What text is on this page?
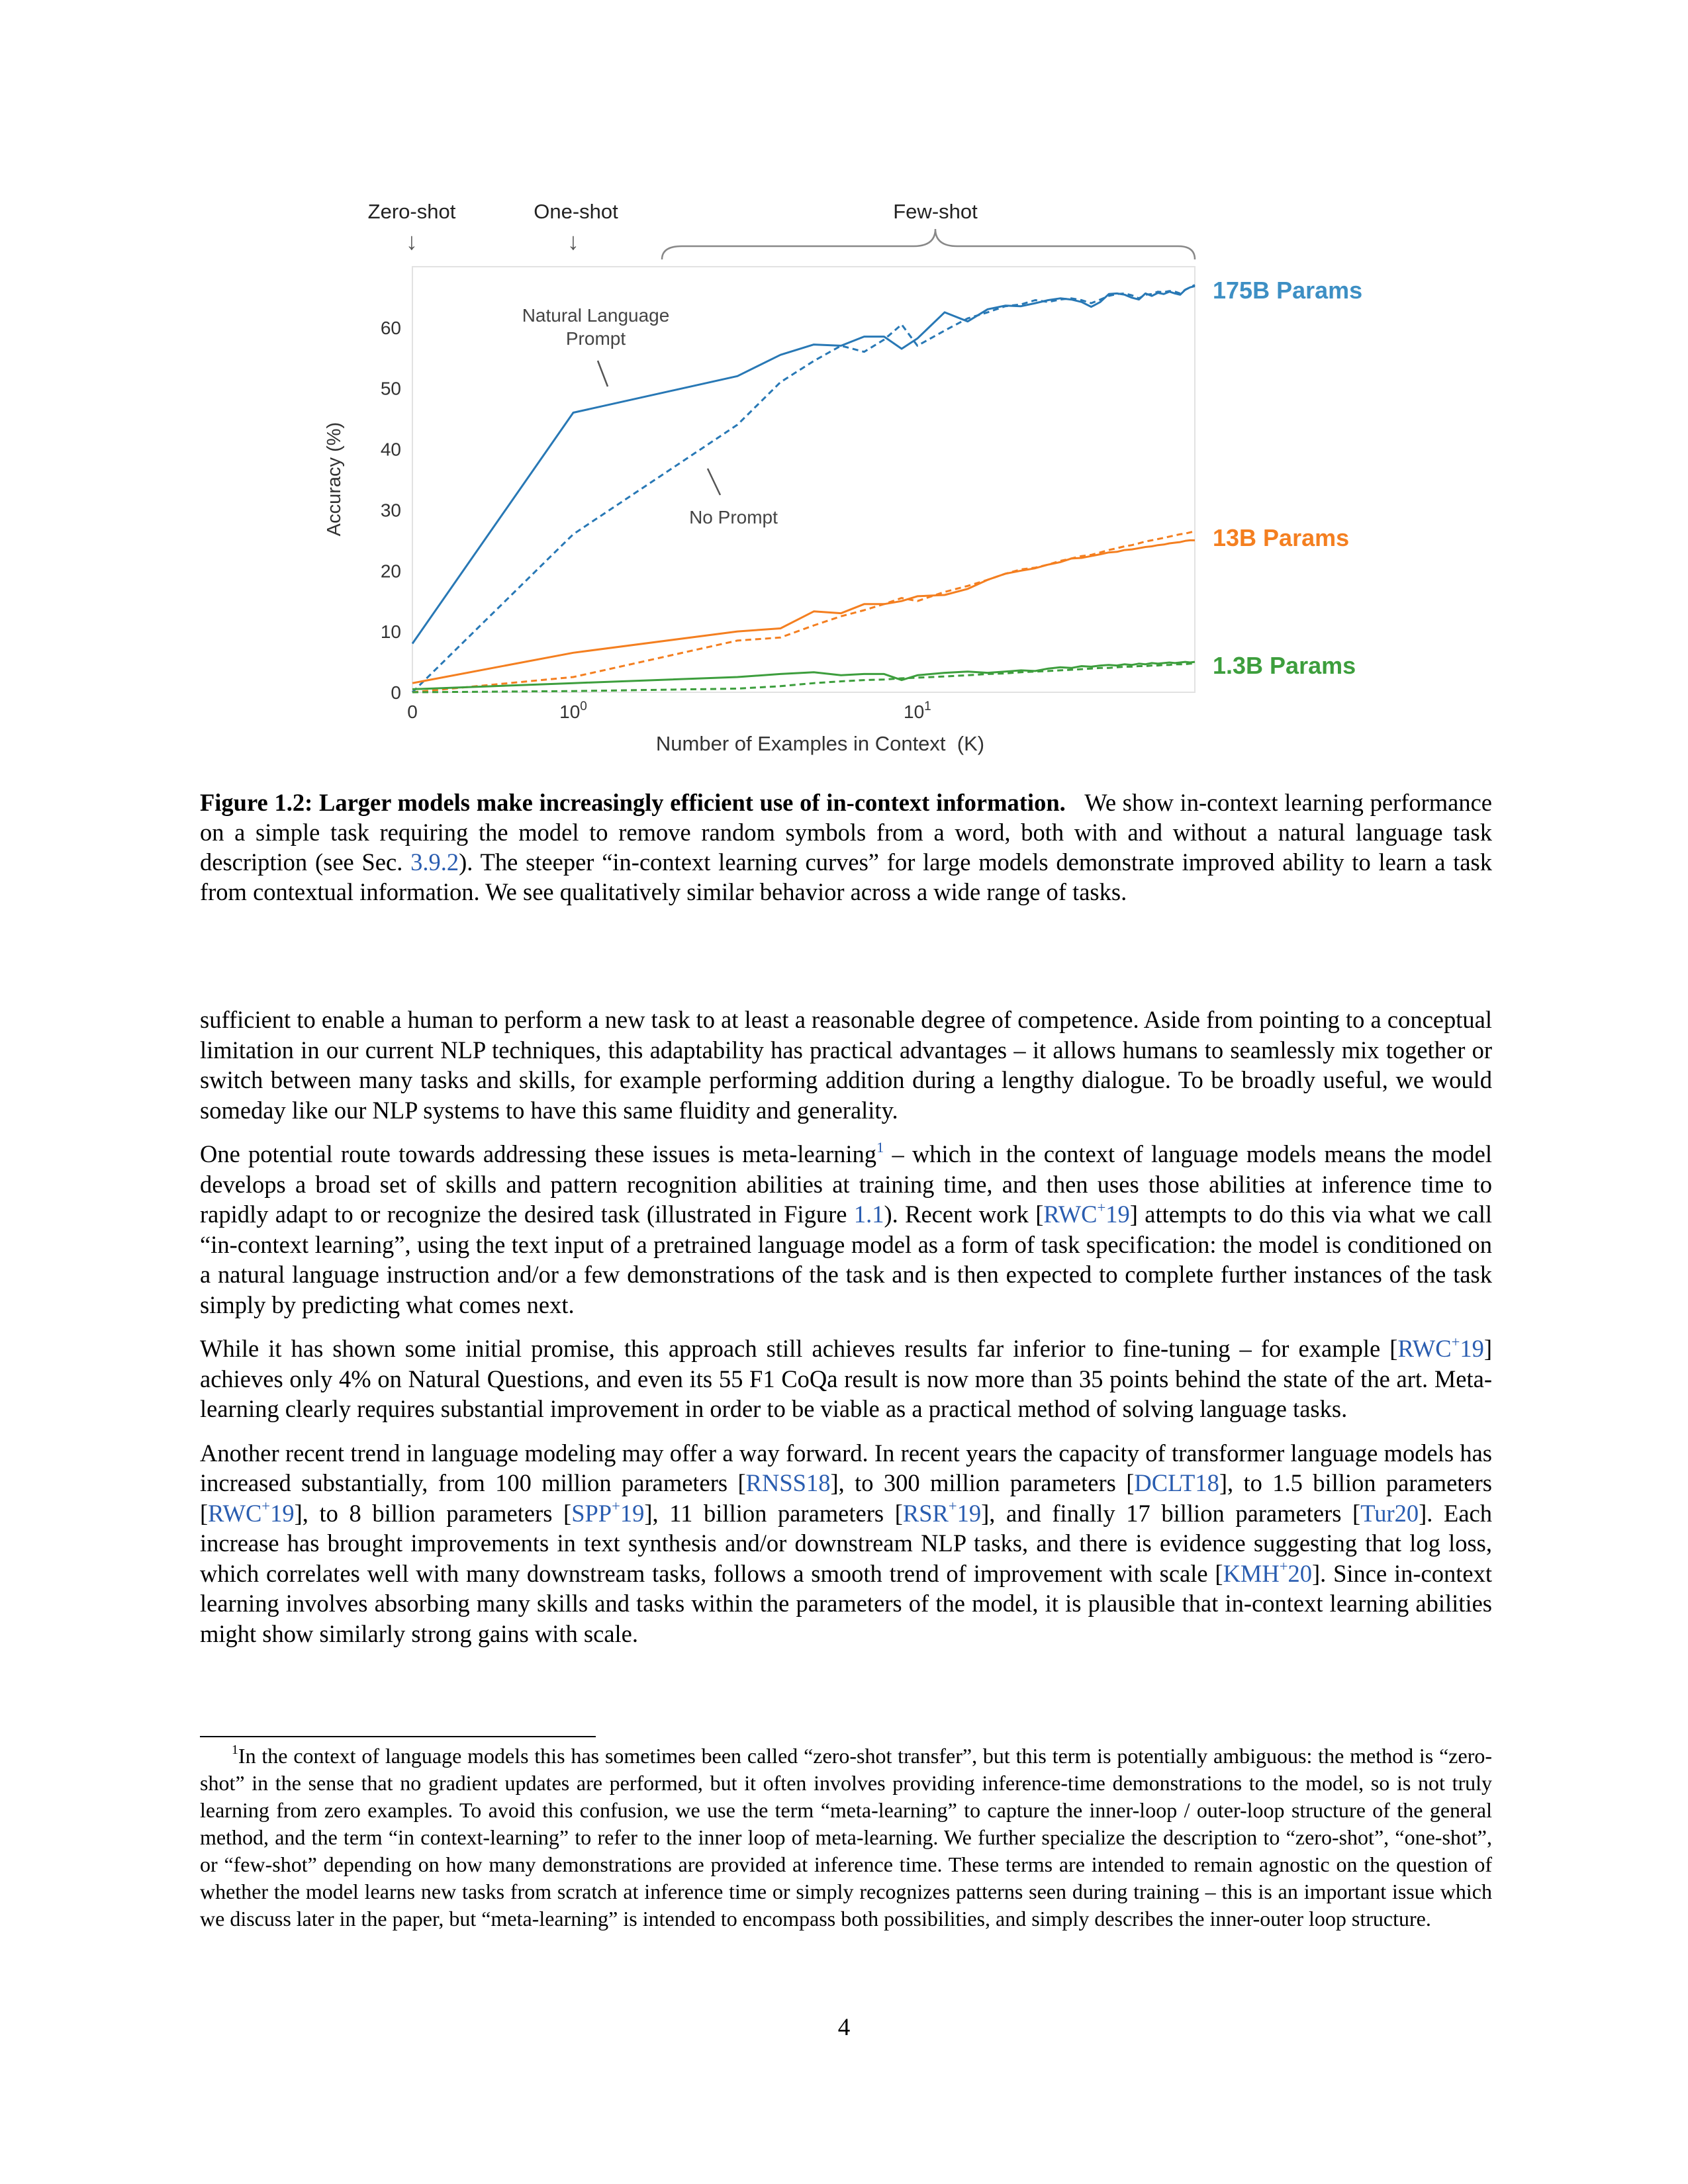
Zero-shot
↓
One-shot
↓
Few-shot
0
10
20
30
40
50
60
0	$10^0$	$10^1$
Accuracy (%)
Number of Examples in Context  (K)
Natural Language
Prompt
No Prompt
175B Params
13B Params
1.3B Params
Figure 1.2: Larger models make increasingly efficient use of in-context information. We show in-context learning performance on a simple task requiring the model to remove random symbols from a word, both with and without a natural language task description (see Sec. 3.9.2). The steeper “in-context learning curves” for large models demonstrate improved ability to learn a task from contextual information. We see qualitatively similar behavior across a wide range of tasks.

sufficient to enable a human to perform a new task to at least a reasonable degree of competence. Aside from pointing to a conceptual limitation in our current NLP techniques, this adaptability has practical advantages – it allows humans to seamlessly mix together or switch between many tasks and skills, for example performing addition during a lengthy dialogue. To be broadly useful, we would someday like our NLP systems to have this same fluidity and generality.

One potential route towards addressing these issues is meta-learning$^1$ – which in the context of language models means the model develops a broad set of skills and pattern recognition abilities at training time, and then uses those abilities at inference time to rapidly adapt to or recognize the desired task (illustrated in Figure 1.1). Recent work [RWC+19] attempts to do this via what we call “in-context learning”, using the text input of a pretrained language model as a form of task specification: the model is conditioned on a natural language instruction and/or a few demonstrations of the task and is then expected to complete further instances of the task simply by predicting what comes next.

While it has shown some initial promise, this approach still achieves results far inferior to fine-tuning – for example [RWC+19] achieves only 4% on Natural Questions, and even its 55 F1 CoQa result is now more than 35 points behind the state of the art. Meta-learning clearly requires substantial improvement in order to be viable as a practical method of solving language tasks.

Another recent trend in language modeling may offer a way forward. In recent years the capacity of transformer language models has increased substantially, from 100 million parameters [RNSS18], to 300 million parameters [DCLT18], to 1.5 billion parameters [RWC+19], to 8 billion parameters [SPP+19], 11 billion parameters [RSR+19], and finally 17 billion parameters [Tur20]. Each increase has brought improvements in text synthesis and/or downstream NLP tasks, and there is evidence suggesting that log loss, which correlates well with many downstream tasks, follows a smooth trend of improvement with scale [KMH+20]. Since in-context learning involves absorbing many skills and tasks within the parameters of the model, it is plausible that in-context learning abilities might show similarly strong gains with scale.

$^1$In the context of language models this has sometimes been called “zero-shot transfer”, but this term is potentially ambiguous: the method is “zero-shot” in the sense that no gradient updates are performed, but it often involves providing inference-time demonstrations to the model, so is not truly learning from zero examples. To avoid this confusion, we use the term “meta-learning” to capture the inner-loop / outer-loop structure of the general method, and the term “in context-learning” to refer to the inner loop of meta-learning. We further specialize the description to “zero-shot”, “one-shot”, or “few-shot” depending on how many demonstrations are provided at inference time. These terms are intended to remain agnostic on the question of whether the model learns new tasks from scratch at inference time or simply recognizes patterns seen during training – this is an important issue which we discuss later in the paper, but “meta-learning” is intended to encompass both possibilities, and simply describes the inner-outer loop structure.

4
